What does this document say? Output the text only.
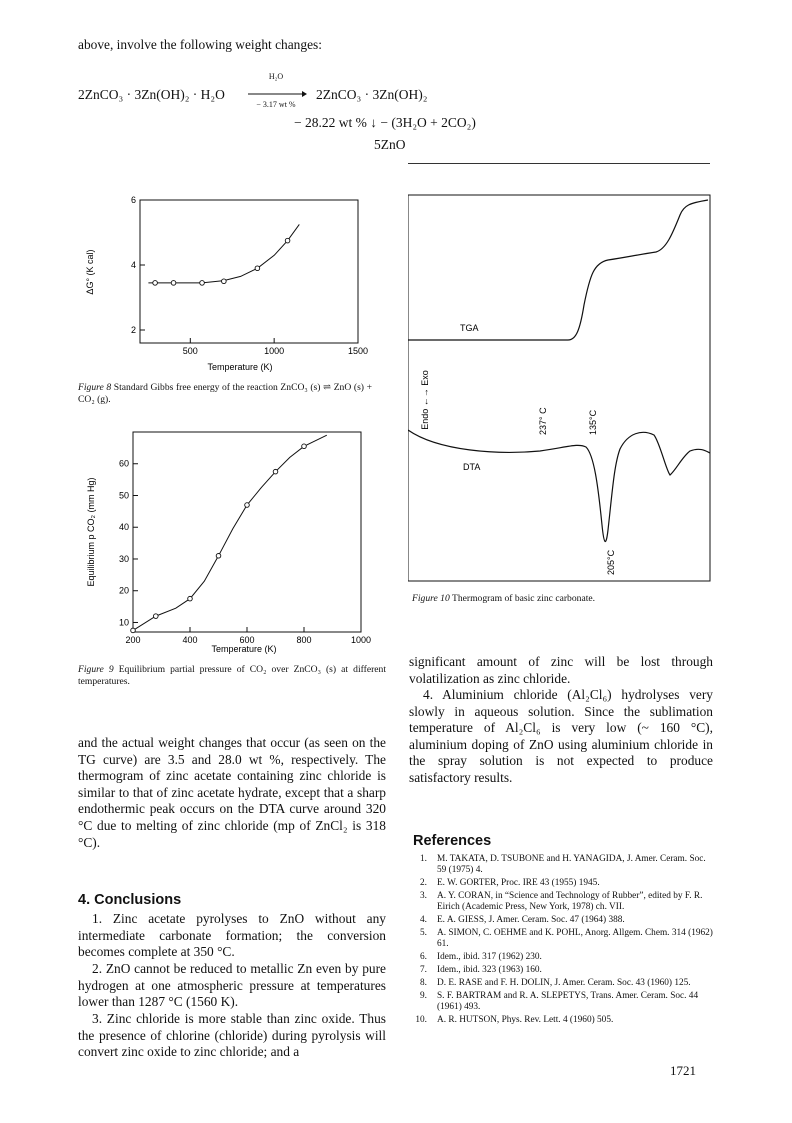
above, involve the following weight changes:
2ZnCO₃ · 3Zn(OH)₂ · H₂O
H₂O
− 3.17 wt %
2ZnCO₃ · 3Zn(OH)₂
− 28.22 wt % ↓ − (3H₂O + 2CO₂)
5ZnO
2
4
6
500	1000	1500
Temperature (K)
ΔG° (K cal)
Figure 8 Standard Gibbs free energy of the reaction ZnCO₃ (s) ⇌ ZnO (s) + CO₂ (g).
10
20
30
40
50
60
200	400	600	800	1000
Temperature (K)
Equilibrium p CO₂ (mm Hg)
Figure 9 Equilibrium partial pressure of CO₂ over ZnCO₃ (s) at different temperatures.
TGA
DTA
Endo ←→ Exo	237° C	135°C
205°C
Figure 10 Thermogram of basic zinc carbonate.
and the actual weight changes that occur (as seen on the TG curve) are 3.5 and 28.0 wt %, respectively. The thermogram of zinc acetate containing zinc chloride is similar to that of zinc acetate hydrate, except that a sharp endothermic peak occurs on the DTA curve around 320 °C due to melting of zinc chloride (mp of ZnCl₂ is 318 °C).
4. Conclusions
1. Zinc acetate pyrolyses to ZnO without any intermediate carbonate formation; the conversion becomes complete at 350 °C.
2. ZnO cannot be reduced to metallic Zn even by pure hydrogen at one atmospheric pressure at temperatures lower than 1287 °C (1560 K).
3. Zinc chloride is more stable than zinc oxide. Thus the presence of chlorine (chloride) during pyrolysis will convert zinc oxide to zinc chloride; and a
significant amount of zinc will be lost through volatilization as zinc chloride.
4. Aluminium chloride (Al₂Cl₆) hydrolyses very slowly in aqueous solution. Since the sublimation temperature of Al₂Cl₆ is very low (~ 160 °C), aluminium doping of ZnO using aluminium chloride in the spray solution is not expected to produce satisfactory results.
References
1.	M. TAKATA, D. TSUBONE and H. YANAGIDA, J. Amer. Ceram. Soc. 59 (1975) 4.
2.	E. W. GORTER, Proc. IRE 43 (1955) 1945.
3.	A. Y. CORAN, in “Science and Technology of Rubber”, edited by F. R. Eirich (Academic Press, New York, 1978) ch. VII.
4.	E. A. GIESS, J. Amer. Ceram. Soc. 47 (1964) 388.
5.	A. SIMON, C. OEHME and K. POHL, Anorg. Allgem. Chem. 314 (1962) 61.
6.	Idem., ibid. 317 (1962) 230.
7.	Idem., ibid. 323 (1963) 160.
8.	D. E. RASE and F. H. DOLIN, J. Amer. Ceram. Soc. 43 (1960) 125.
9.	S. F. BARTRAM and R. A. SLEPETYS, Trans. Amer. Ceram. Soc. 44 (1961) 493.
10.	A. R. HUTSON, Phys. Rev. Lett. 4 (1960) 505.
1721
